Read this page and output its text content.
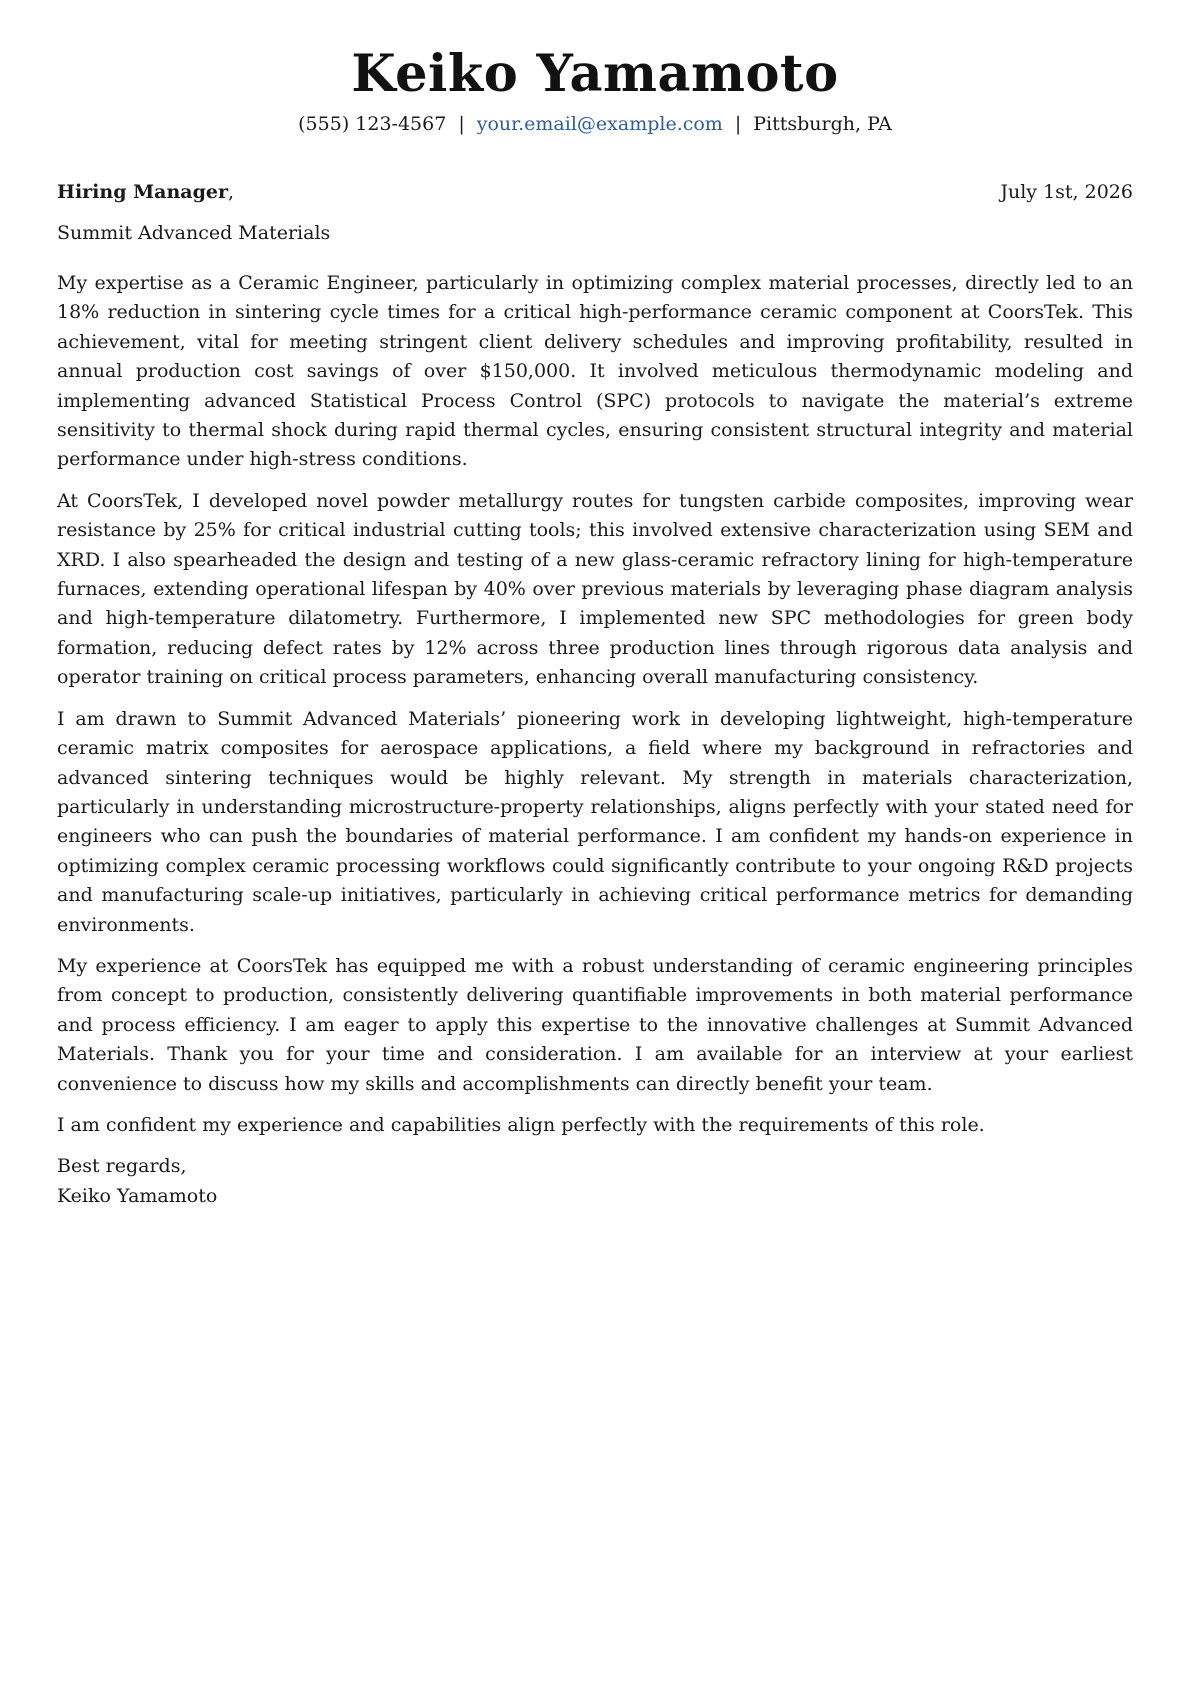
Keiko Yamamoto
(555) 123-4567 | your.email@example.com | Pittsburgh, PA
Hiring Manager,	July 1st, 2026
Summit Advanced Materials

My expertise as a Ceramic Engineer, particularly in optimizing complex material processes, directly led to an 18% reduction in sintering cycle times for a critical high-performance ceramic component at CoorsTek. This achievement, vital for meeting stringent client delivery schedules and improving profitability, resulted in annual production cost savings of over $150,000. It involved meticulous thermodynamic modeling and implementing advanced Statistical Process Control (SPC) protocols to navigate the material’s extreme sensitivity to thermal shock during rapid thermal cycles, ensuring consistent structural integrity and material performance under high-stress conditions.

At CoorsTek, I developed novel powder metallurgy routes for tungsten carbide composites, improving wear resistance by 25% for critical industrial cutting tools; this involved extensive characterization using SEM and XRD. I also spearheaded the design and testing of a new glass-ceramic refractory lining for high-temperature furnaces, extending operational lifespan by 40% over previous materials by leveraging phase diagram analysis and high-temperature dilatometry. Furthermore, I implemented new SPC methodologies for green body formation, reducing defect rates by 12% across three production lines through rigorous data analysis and operator training on critical process parameters, enhancing overall manufacturing consistency.

I am drawn to Summit Advanced Materials’ pioneering work in developing lightweight, high-temperature ceramic matrix composites for aerospace applications, a field where my background in refractories and advanced sintering techniques would be highly relevant. My strength in materials characterization, particularly in understanding microstructure-property relationships, aligns perfectly with your stated need for engineers who can push the boundaries of material performance. I am confident my hands-on experience in optimizing complex ceramic processing workflows could significantly contribute to your ongoing R&D projects and manufacturing scale-up initiatives, particularly in achieving critical performance metrics for demanding environments.

My experience at CoorsTek has equipped me with a robust understanding of ceramic engineering principles from concept to production, consistently delivering quantifiable improvements in both material performance and process efficiency. I am eager to apply this expertise to the innovative challenges at Summit Advanced Materials. Thank you for your time and consideration. I am available for an interview at your earliest convenience to discuss how my skills and accomplishments can directly benefit your team.

I am confident my experience and capabilities align perfectly with the requirements of this role.

Best regards,
Keiko Yamamoto
